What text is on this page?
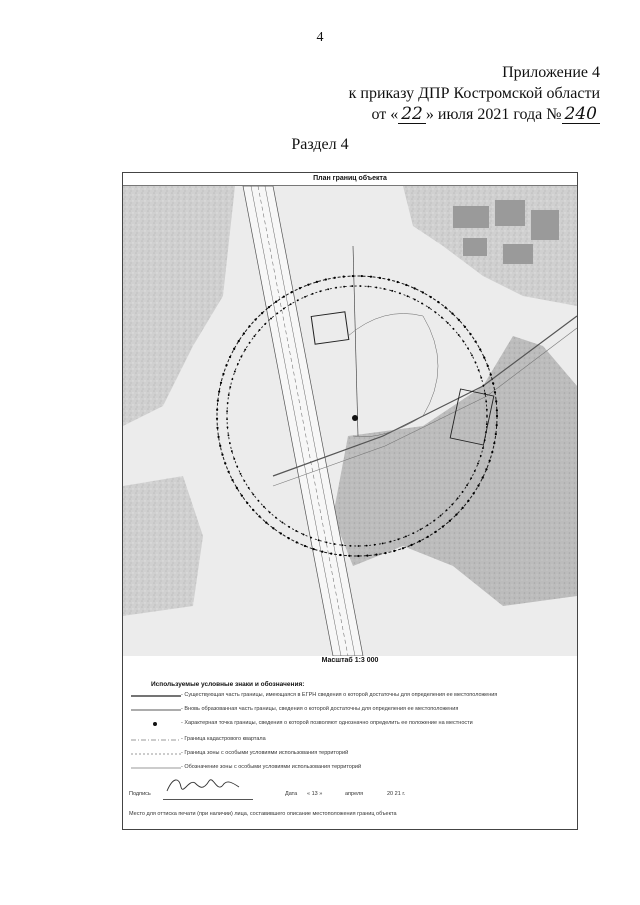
4
Приложение 4
к приказу ДПР Костромской области
от « 22 » июля 2021 года № 240
Раздел 4
План границ объекта
Масштаб 1:3 000
Используемые условные знаки и обозначения:
- Существующая часть границы, имеющаяся в ЕГРН сведения о которой достаточны для определения ее местоположения
- Вновь образованная часть границы, сведения о которой достаточны для определения ее местоположения
- Характерная точка границы, сведения о которой позволяют однозначно определить ее положение на местности
- Граница кадастрового квартала
- Граница зоны с особыми условиями использования территорий
- Обозначение зоны с особыми условиями использования территорий
Подпись	Дата « 13 »	апреля	20 21 г.
Место для оттиска печати (при наличии) лица, составившего описание местоположения границ объекта
